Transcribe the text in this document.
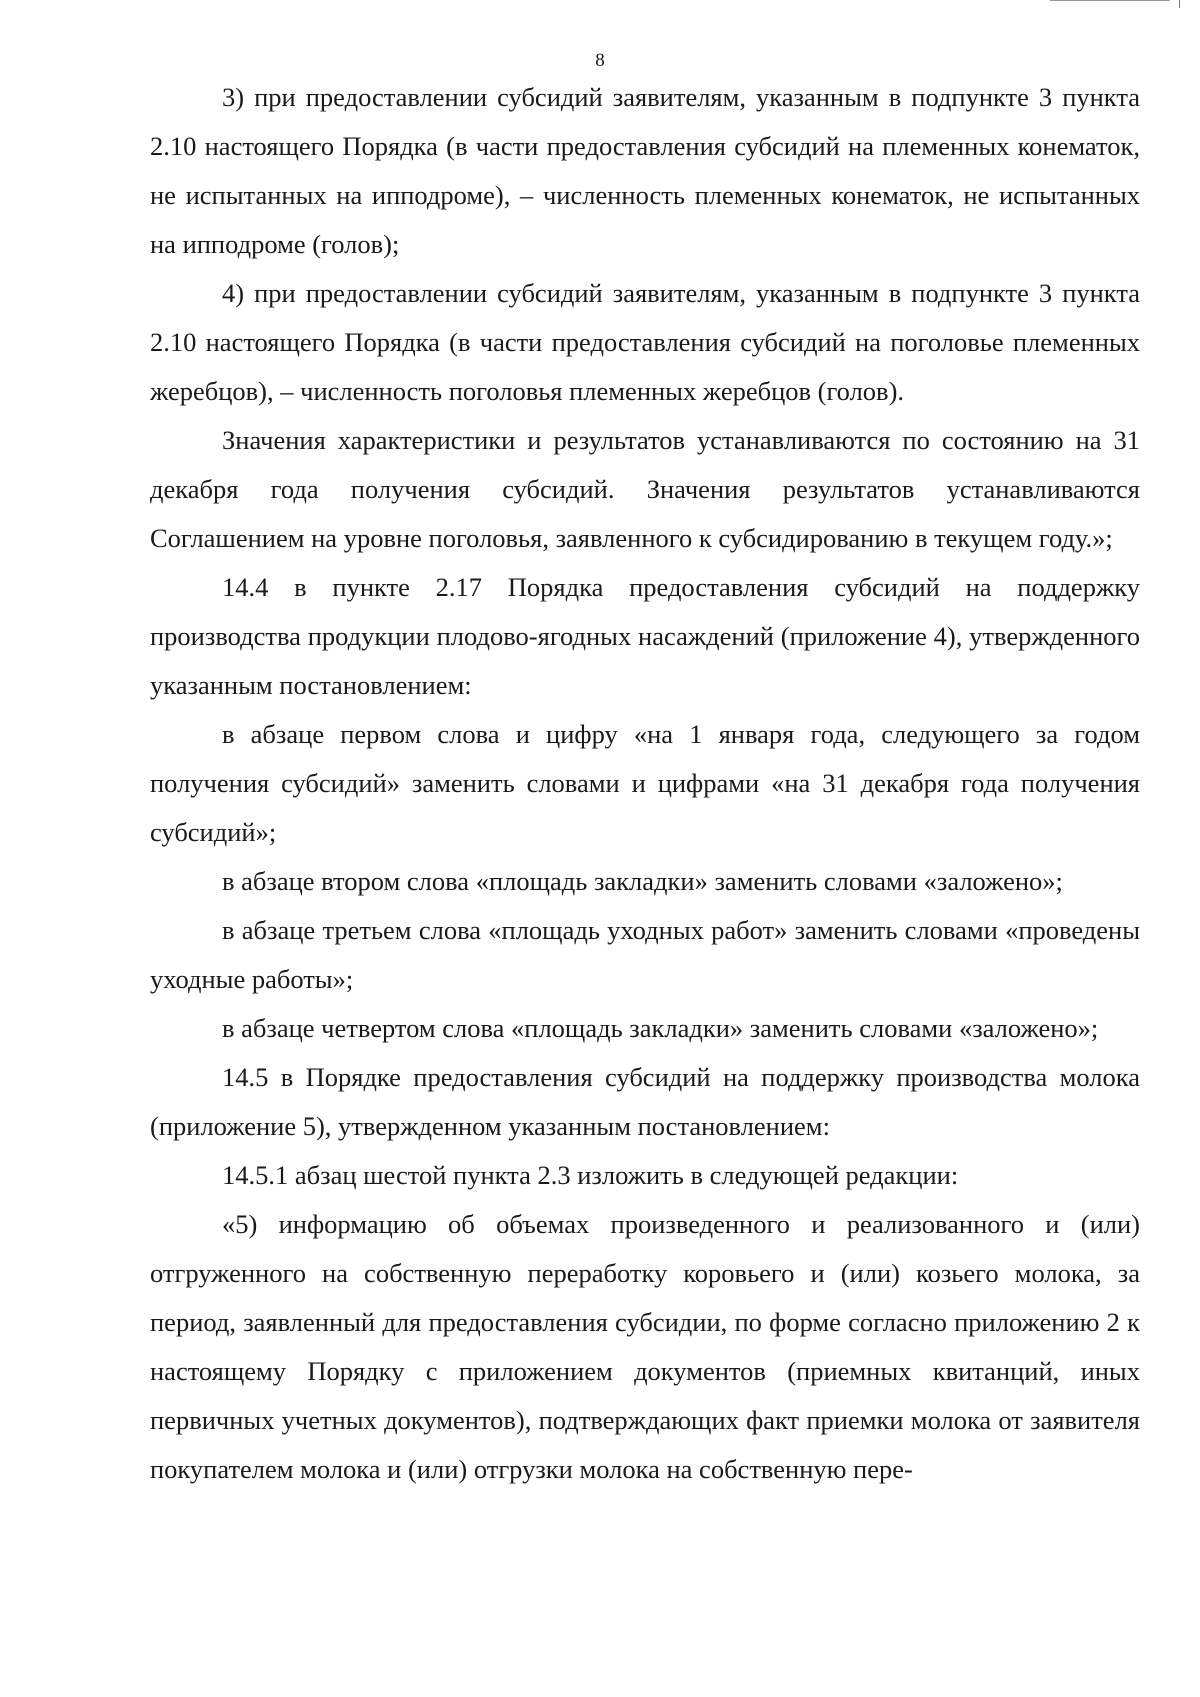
8

3) при предоставлении субсидий заявителям, указанным в подпункте 3 пункта 2.10 настоящего Порядка (в части предоставления субсидий на племенных конематок, не испытанных на ипподроме), – численность племенных конематок, не испытанных на ипподроме (голов);

4) при предоставлении субсидий заявителям, указанным в подпункте 3 пункта 2.10 настоящего Порядка (в части предоставления субсидий на поголовье племенных жеребцов), – численность поголовья племенных жеребцов (голов).

Значения характеристики и результатов устанавливаются по состоянию на 31 декабря года получения субсидий. Значения результатов устанавливаются Соглашением на уровне поголовья, заявленного к субсидированию в текущем году.»;

14.4 в пункте 2.17 Порядка предоставления субсидий на поддержку производства продукции плодово-ягодных насаждений (приложение 4), утвержденного указанным постановлением:

в абзаце первом слова и цифру «на 1 января года, следующего за годом получения субсидий» заменить словами и цифрами «на 31 декабря года получения субсидий»;

в абзаце втором слова «площадь закладки» заменить словами «заложено»;

в абзаце третьем слова «площадь уходных работ» заменить словами «проведены уходные работы»;

в абзаце четвертом слова «площадь закладки» заменить словами «заложено»;

14.5 в Порядке предоставления субсидий на поддержку производства молока (приложение 5), утвержденном указанным постановлением:

14.5.1 абзац шестой пункта 2.3 изложить в следующей редакции:

«5) информацию об объемах произведенного и реализованного и (или) отгруженного на собственную переработку коровьего и (или) козьего молока, за период, заявленный для предоставления субсидии, по форме согласно приложению 2 к настоящему Порядку с приложением документов (приемных квитанций, иных первичных учетных документов), подтверждающих факт приемки молока от заявителя покупателем молока и (или) отгрузки молока на собственную пере-
